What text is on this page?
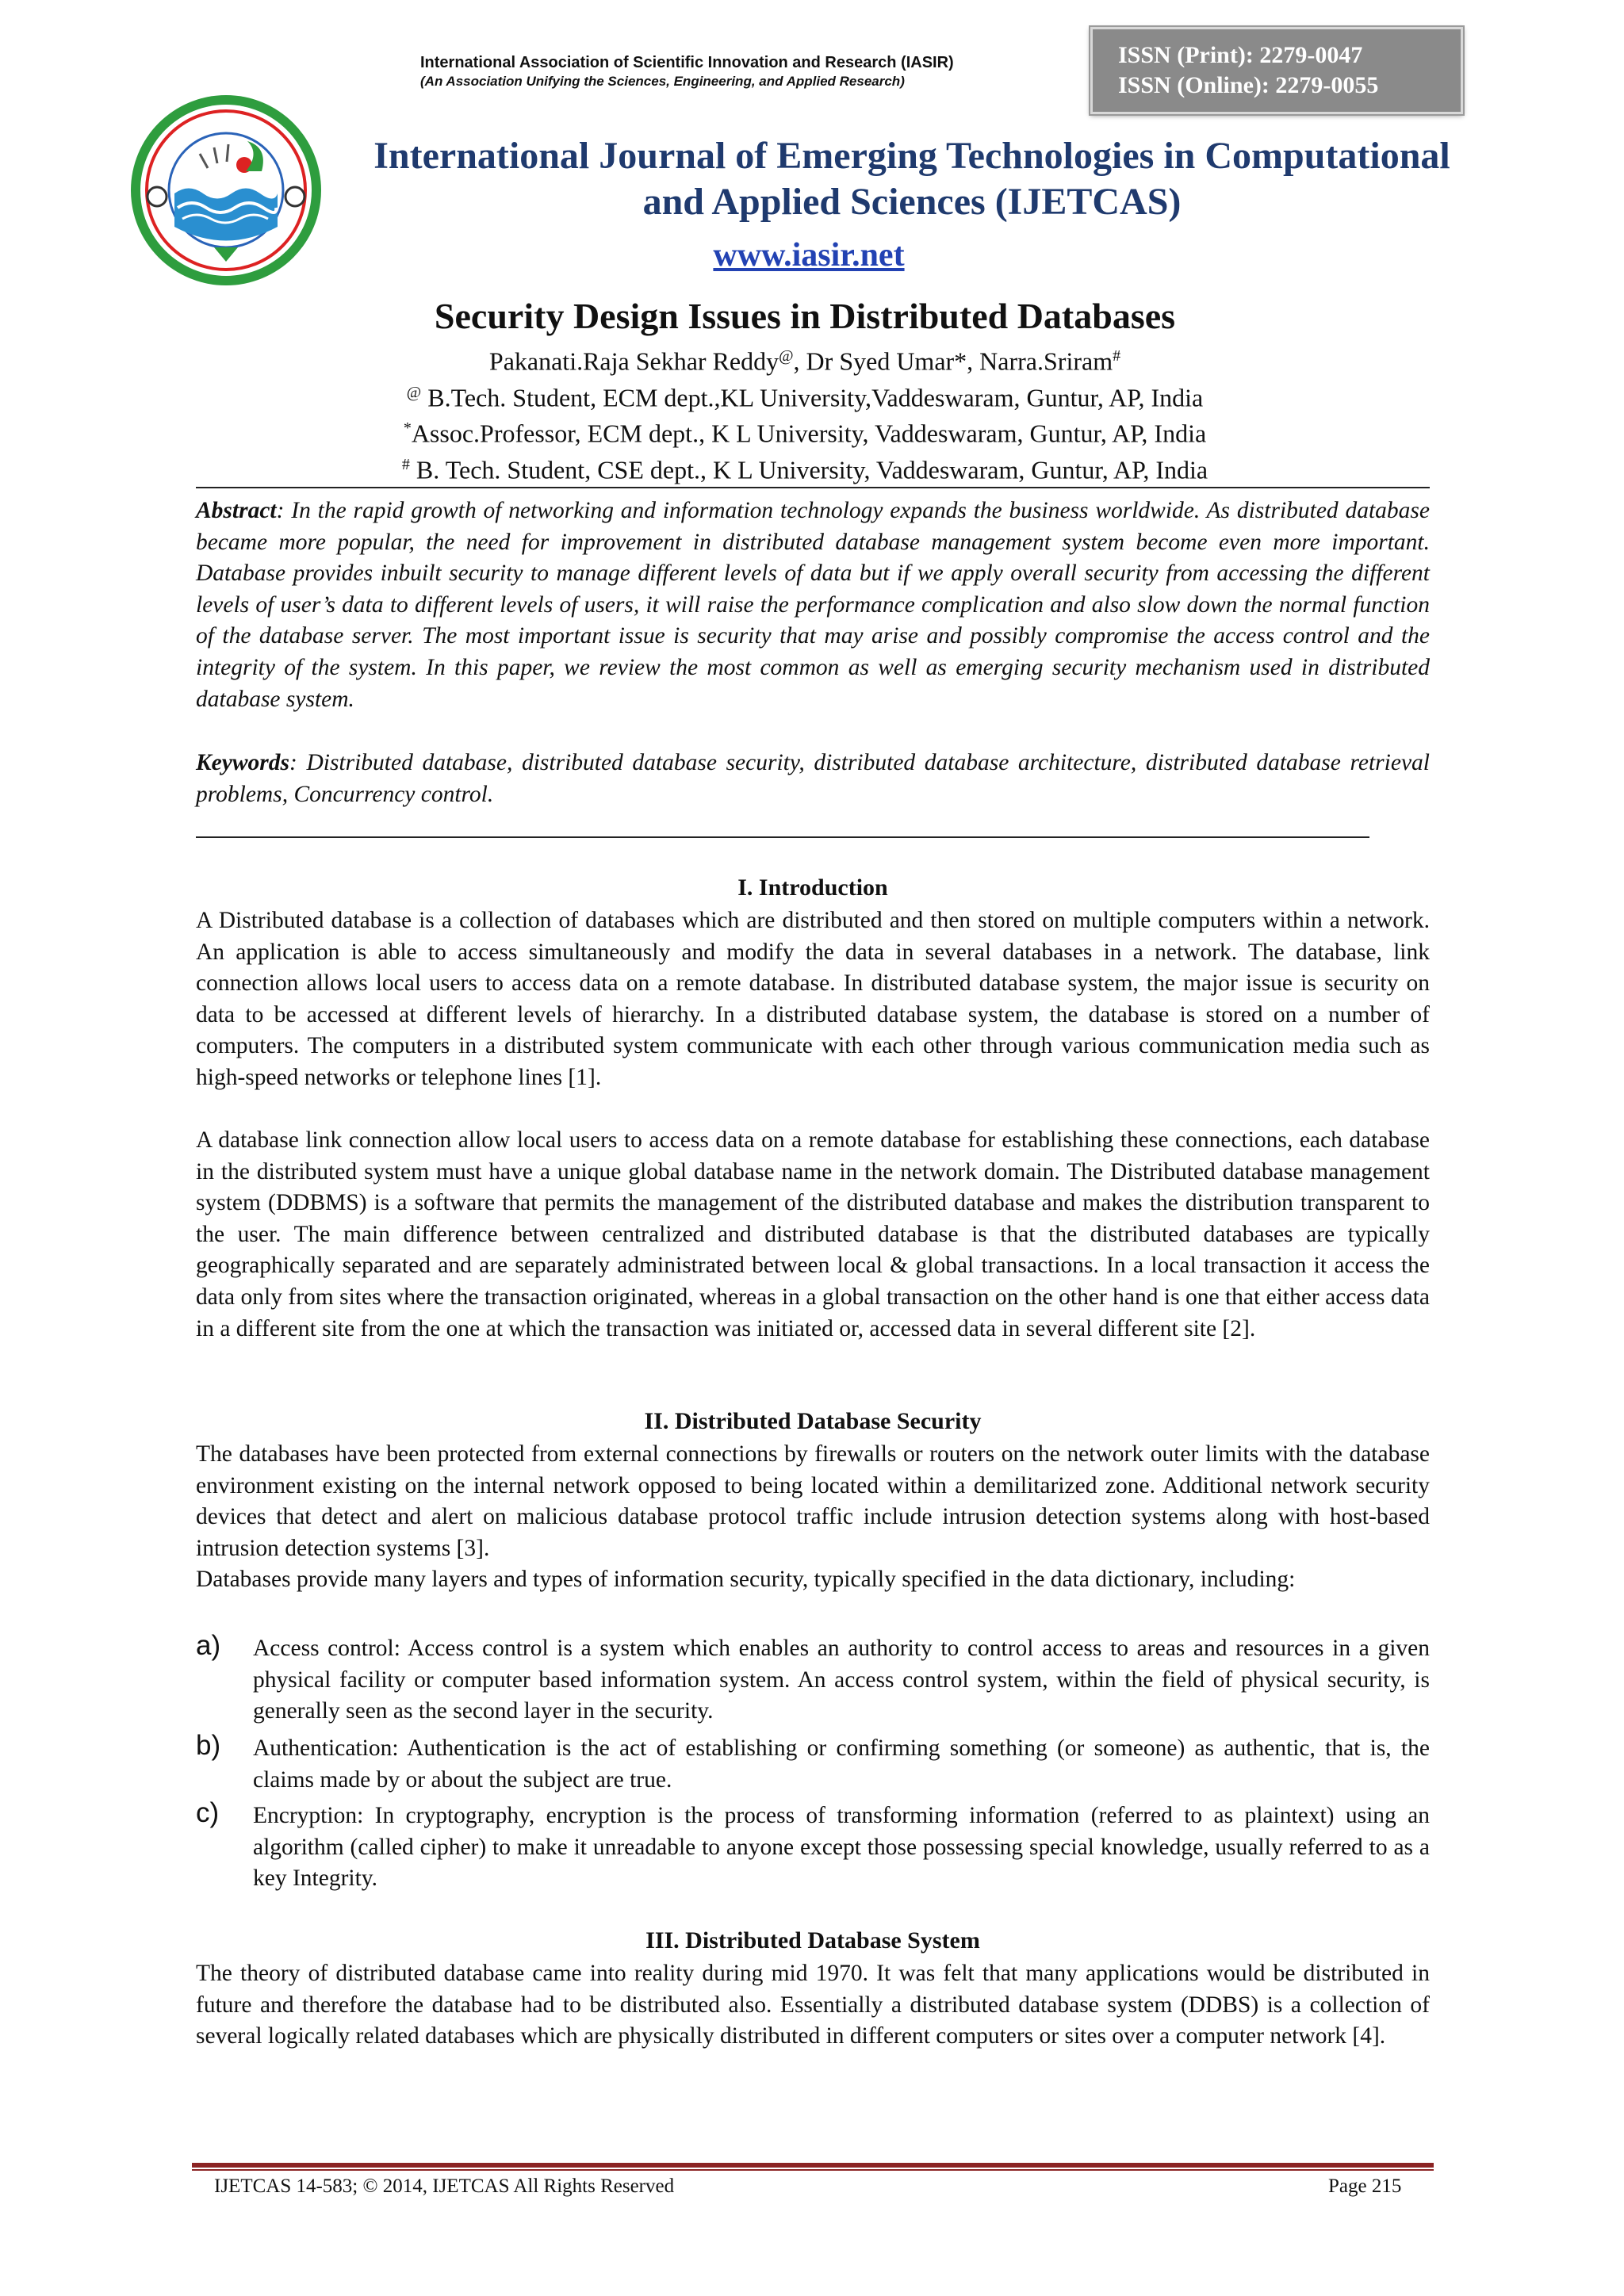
International Association of Scientific Innovation and Research (IASIR)
(An Association Unifying the Sciences, Engineering, and Applied Research)
ISSN (Print): 2279-0047
ISSN (Online): 2279-0055
International Journal of Emerging Technologies in Computational
and Applied Sciences (IJETCAS)
www.iasir.net
Security Design Issues in Distributed Databases
Pakanati.Raja Sekhar Reddy@, Dr Syed Umar*, Narra.Sriram#
@ B.Tech. Student, ECM dept.,KL University,Vaddeswaram, Guntur, AP, India
*Assoc.Professor, ECM dept., K L University, Vaddeswaram, Guntur, AP, India
# B. Tech. Student, CSE dept., K L University, Vaddeswaram, Guntur, AP, India
Abstract: In the rapid growth of networking and information technology expands the business worldwide. As distributed database became more popular, the need for improvement in distributed database management system become even more important. Database provides inbuilt security to manage different levels of data but if we apply overall security from accessing the different levels of user’s data to different levels of users, it will raise the performance complication and also slow down the normal function of the database server. The most important issue is security that may arise and possibly compromise the access control and the integrity of the system. In this paper, we review the most common as well as emerging security mechanism used in distributed database system.
Keywords: Distributed database, distributed database security, distributed database architecture, distributed database retrieval problems, Concurrency control.
I. Introduction
A Distributed database is a collection of databases which are distributed and then stored on multiple computers within a network. An application is able to access simultaneously and modify the data in several databases in a network. The database, link connection allows local users to access data on a remote database. In distributed database system, the major issue is security on data to be accessed at different levels of hierarchy. In a distributed database system, the database is stored on a number of computers. The computers in a distributed system communicate with each other through various communication media such as high-speed networks or telephone lines [1].
A database link connection allow local users to access data on a remote database for establishing these connections, each database in the distributed system must have a unique global database name in the network domain. The Distributed database management system (DDBMS) is a software that permits the management of the distributed database and makes the distribution transparent to the user. The main difference between centralized and distributed database is that the distributed databases are typically geographically separated and are separately administrated between local & global transactions. In a local transaction it access the data only from sites where the transaction originated, whereas in a global transaction on the other hand is one that either access data in a different site from the one at which the transaction was initiated or, accessed data in several different site [2].
II. Distributed Database Security
The databases have been protected from external connections by firewalls or routers on the network outer limits with the database environment existing on the internal network opposed to being located within a demilitarized zone. Additional network security devices that detect and alert on malicious database protocol traffic include intrusion detection systems along with host-based intrusion detection systems [3].
Databases provide many layers and types of information security, typically specified in the data dictionary, including:
a) Access control: Access control is a system which enables an authority to control access to areas and resources in a given physical facility or computer based information system. An access control system, within the field of physical security, is generally seen as the second layer in the security.
b) Authentication: Authentication is the act of establishing or confirming something (or someone) as authentic, that is, the claims made by or about the subject are true.
c) Encryption: In cryptography, encryption is the process of transforming information (referred to as plaintext) using an algorithm (called cipher) to make it unreadable to anyone except those possessing special knowledge, usually referred to as a key Integrity.
III. Distributed Database System
The theory of distributed database came into reality during mid 1970. It was felt that many applications would be distributed in future and therefore the database had to be distributed also. Essentially a distributed database system (DDBS) is a collection of several logically related databases which are physically distributed in different computers or sites over a computer network [4].
IJETCAS 14-583; © 2014, IJETCAS All Rights Reserved	Page 215
